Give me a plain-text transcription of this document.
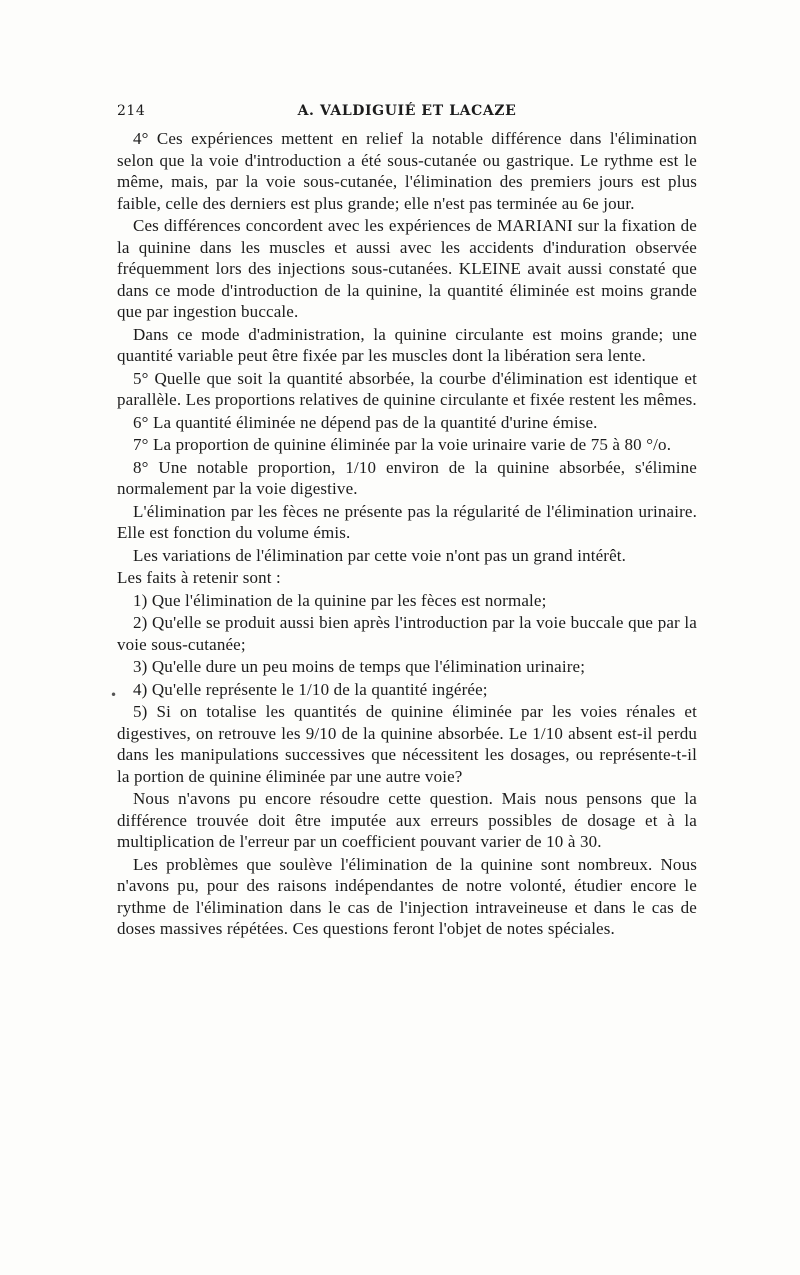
214	A. VALDIGUIÉ ET LACAZE

4° Ces expériences mettent en relief la notable différence dans l'élimination selon que la voie d'introduction a été sous-cutanée ou gastrique. Le rythme est le même, mais, par la voie sous-cutanée, l'élimination des premiers jours est plus faible, celle des derniers est plus grande; elle n'est pas terminée au 6e jour.

Ces différences concordent avec les expériences de MARIANI sur la fixation de la quinine dans les muscles et aussi avec les accidents d'induration observée fréquemment lors des injections sous-cutanées. KLEINE avait aussi constaté que dans ce mode d'introduction de la quinine, la quantité éliminée est moins grande que par ingestion buccale.

Dans ce mode d'administration, la quinine circulante est moins grande; une quantité variable peut être fixée par les muscles dont la libération sera lente.

5° Quelle que soit la quantité absorbée, la courbe d'élimination est identique et parallèle. Les proportions relatives de quinine circulante et fixée restent les mêmes.

6° La quantité éliminée ne dépend pas de la quantité d'urine émise.

7° La proportion de quinine éliminée par la voie urinaire varie de 75 à 80 °/o.

8° Une notable proportion, 1/10 environ de la quinine absorbée, s'élimine normalement par la voie digestive.

L'élimination par les fèces ne présente pas la régularité de l'élimination urinaire. Elle est fonction du volume émis.

Les variations de l'élimination par cette voie n'ont pas un grand intérêt.

Les faits à retenir sont :

1) Que l'élimination de la quinine par les fèces est normale;

2) Qu'elle se produit aussi bien après l'introduction par la voie buccale que par la voie sous-cutanée;

3) Qu'elle dure un peu moins de temps que l'élimination urinaire;

4) Qu'elle représente le 1/10 de la quantité ingérée;

5) Si on totalise les quantités de quinine éliminée par les voies rénales et digestives, on retrouve les 9/10 de la quinine absorbée. Le 1/10 absent est-il perdu dans les manipulations successives que nécessitent les dosages, ou représente-t-il la portion de quinine éliminée par une autre voie?

Nous n'avons pu encore résoudre cette question. Mais nous pensons que la différence trouvée doit être imputée aux erreurs possibles de dosage et à la multiplication de l'erreur par un coefficient pouvant varier de 10 à 30.

Les problèmes que soulève l'élimination de la quinine sont nombreux. Nous n'avons pu, pour des raisons indépendantes de notre volonté, étudier encore le rythme de l'élimination dans le cas de l'injection intraveineuse et dans le cas de doses massives répétées. Ces questions feront l'objet de notes spéciales.

•
